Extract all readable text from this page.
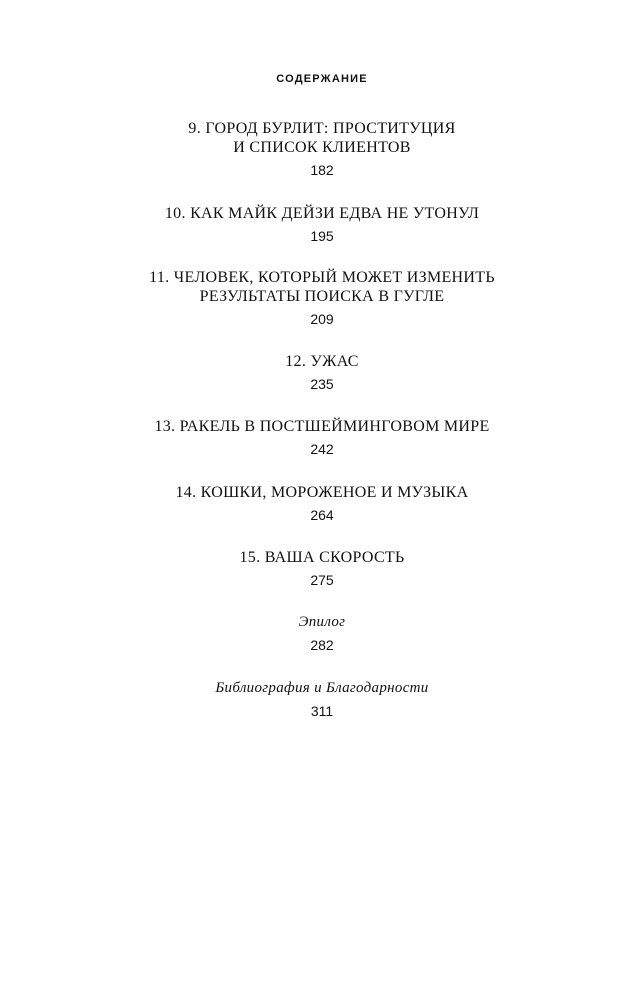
СОДЕРЖАНИЕ
9. ГОРОД БУРЛИТ: ПРОСТИТУЦИЯ
И СПИСОК КЛИЕНТОВ
182
10. КАК МАЙК ДЕЙЗИ ЕДВА НЕ УТОНУЛ
195
11. ЧЕЛОВЕК, КОТОРЫЙ МОЖЕТ ИЗМЕНИТЬ
РЕЗУЛЬТАТЫ ПОИСКА В ГУГЛЕ
209
12. УЖАС
235
13. РАКЕЛЬ В ПОСТШЕЙМИНГОВОМ МИРЕ
242
14. КОШКИ, МОРОЖЕНОЕ И МУЗЫКА
264
15. ВАША СКОРОСТЬ
275
Эпилог
282
Библиография и Благодарности
311
